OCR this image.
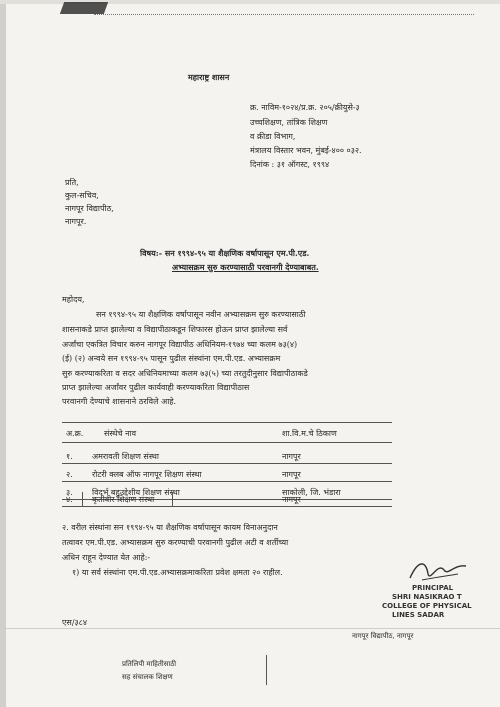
महाराष्ट्र शासन
क्र. नाविम-१०२४/प्र.क्र. २०५/क्रीयुसे-३
उच्चशिक्षण, तांत्रिक शिक्षण
व क्रीडा विभाग,
मंत्रालय विस्तार भवन, मुंबई-४०० ०३२.
दिनांक : ३१ ऑगस्ट, १९९४
प्रति,
कुल-सचिव,
नागपूर विद्यापीठ,
नागपूर.
विषय:- सन १९९४-९५ या शैक्षणिक वर्षापासून एम.पी.एड.
अभ्यासक्रम सुरु करण्यासाठी परवानगी देण्याबाबत.
महोदय,
सन १९९४-९५ या शैक्षणिक वर्षापासून नवीन अभ्यासक्रम सुरु करण्यासाठी
शासनाकडे प्राप्त झालेल्या व विद्यापीठाकडून शिफारस होऊन प्राप्त झालेल्या सर्व
अर्जांचा एकत्रित विचार करुन नागपूर विद्यापीठ अधिनियम-१९७४ च्या कलम ७३(४)
(ई) (२) अन्वये सन १९९४-९५ पासून पुढील संस्थांना एम.पी.एड. अभ्यासक्रम
सुरु करण्याकरिता व सदर अधिनियमाच्या कलम ७३(५) च्या तरतुदीनुसार विद्यापीठाकडे
प्राप्त झालेल्या अर्जांवर पुढील कार्यवाही करण्याकरिता विद्यापीठास
परवानगी देण्याचे शासनाने ठरविले आहे.
अ.क्र.	संस्थेचे नाव	शा.वि.म.चे ठिकाण
१. अमरावती शिक्षण संस्था	नागपूर
२. रोटरी क्लब ऑफ नागपूर शिक्षण संस्था	नागपूर
३. विदर्भ बहुउद्देशीय शिक्षण संस्था	साकोली, जि. भंडारा
४. कृतीवीर शिक्षण संस्था	नागपूर
२. वरील संस्थांना सन १९९४-९५ या शैक्षणिक वर्षापासून कायम विनाअनुदान
तत्वावर एम.पी.एड. अभ्यासक्रम सुरु करण्याची परवानगी पुढील अटी व शर्तीच्या
अधिन राहून देण्यात येत आहे:-
१) या सर्व संस्थांना एम.पी.एड.अभ्यासक्रमाकरिता प्रवेश क्षमता २० राहील.
PRINCIPAL
SHRI NASIKRAO T
COLLEGE OF PHYSICAL
LINES SADAR
एस/३८४
नागपूर विद्यापीठ, नागपूर
प्रतिलिपी माहितीसाठी
सह संचालक शिक्षण
